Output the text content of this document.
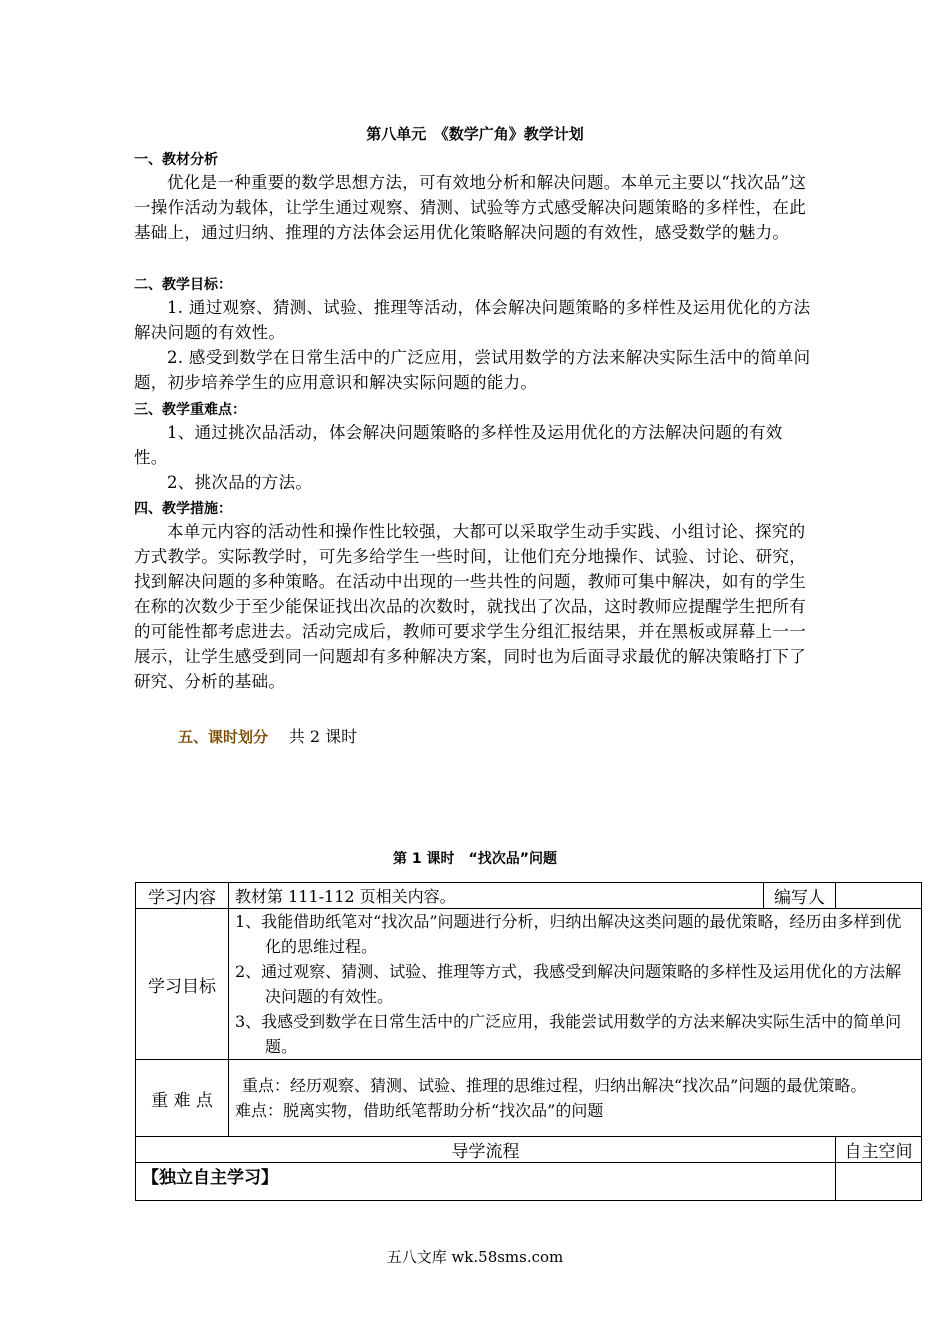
第八单元　《数学广角》教学计划

一、教材分析

优化是一种重要的数学思想方法，可有效地分析和解决问题。本单元主要以“找次品”这一操作活动为载体，让学生通过观察、猜测、试验等方式感受解决问题策略的多样性，在此基础上，通过归纳、推理的方法体会运用优化策略解决问题的有效性，感受数学的魅力。

二、教学目标：

1. 通过观察、猜测、试验、推理等活动，体会解决问题策略的多样性及运用优化的方法解决问题的有效性。

2. 感受到数学在日常生活中的广泛应用，尝试用数学的方法来解决实际生活中的简单问题，初步培养学生的应用意识和解决实际问题的能力。

三、教学重难点：

1、通过挑次品活动，体会解决问题策略的多样性及运用优化的方法解决问题的有效性。

2、挑次品的方法。

四、教学措施：

本单元内容的活动性和操作性比较强，大都可以采取学生动手实践、小组讨论、探究的方式教学。实际教学时，可先多给学生一些时间，让他们充分地操作、试验、讨论、研究，找到解决问题的多种策略。在活动中出现的一些共性的问题，教师可集中解决，如有的学生在称的次数少于至少能保证找出次品的次数时，就找出了次品，这时教师应提醒学生把所有的可能性都考虑进去。活动完成后，教师可要求学生分组汇报结果，并在黑板或屏幕上一一展示，让学生感受到同一问题却有多种解决方案，同时也为后面寻求最优的解决策略打下了研究、分析的基础。

五、课时划分 共 2 课时
第 1 课时　“找次品”问题
学习内容	教材第 111-112 页相关内容。	编写人	
学习目标	1、我能借助纸笔对“找次品”问题进行分析，归纳出解决这类问题的最优策略，经历由多样到优化的思维过程。
2、通过观察、猜测、试验、推理等方式，我感受到解决问题策略的多样性及运用优化的方法解决问题的有效性。
3、我感受到数学在日常生活中的广泛应用，我能尝试用数学的方法来解决实际生活中的简单问题。		

重 难 点	重点：经历观察、猜测、试验、推理的思维过程，归纳出解决“找次品”问题的最优策略。
难点：脱离实物，借助纸笔帮助分析“找次品”的问题		

导学流程			自主空间
【独立自主学习】			
五八文库 wk.58sms.com
